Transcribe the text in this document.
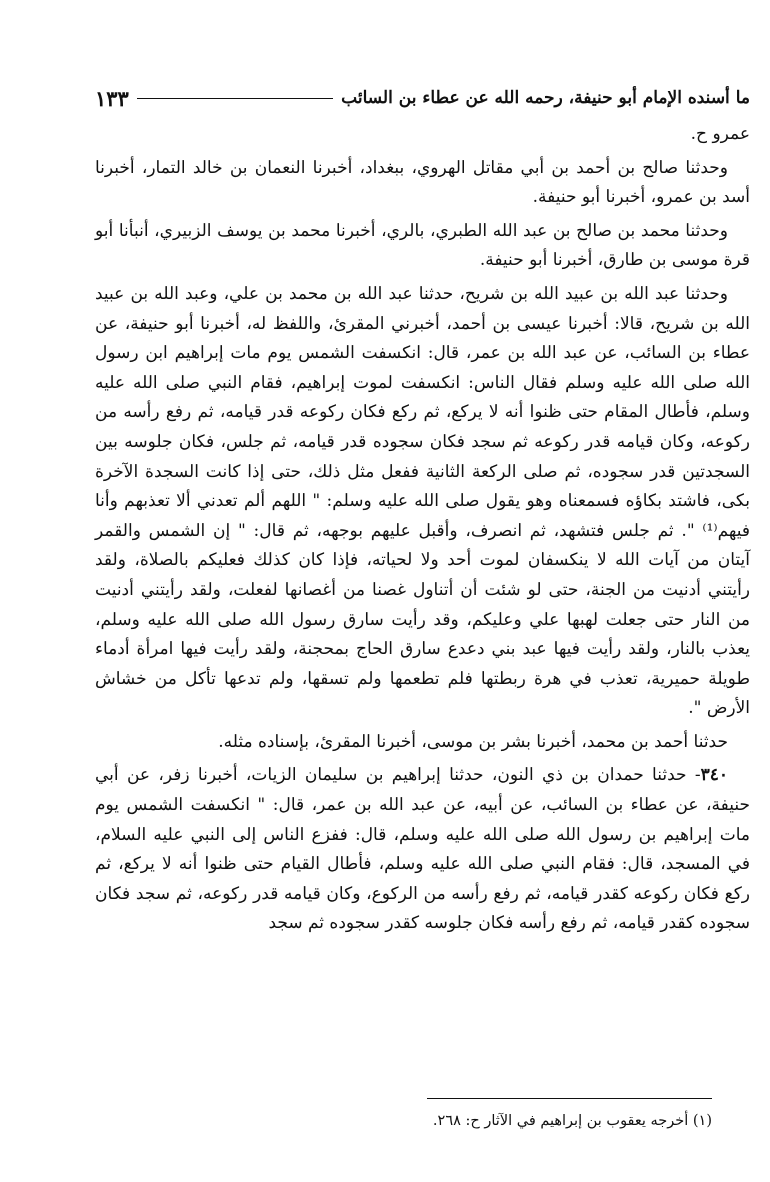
ما أسنده الإمام أبو حنيفة، رحمه الله عن عطاء بن السائب
١٣٣

عمرو ح.

وحدثنا صالح بن أحمد بن أبي مقاتل الهروي، ببغداد، أخبرنا النعمان بن خالد التمار، أخبرنا أسد بن عمرو، أخبرنا أبو حنيفة.

وحدثنا محمد بن صالح بن عبد الله الطبري، بالري، أخبرنا محمد بن يوسف الزبيري، أنبأنا أبو قرة موسى بن طارق، أخبرنا أبو حنيفة.

وحدثنا عبد الله بن عبيد الله بن شريح، حدثنا عبد الله بن محمد بن علي، وعبد الله بن عبيد الله بن شريح، قالا: أخبرنا عيسى بن أحمد، أخبرني المقرئ، واللفظ له، أخبرنا أبو حنيفة، عن عطاء بن السائب، عن عبد الله بن عمر، قال: انكسفت الشمس يوم مات إبراهيم ابن رسول الله صلى الله عليه وسلم فقال الناس: انكسفت لموت إبراهيم، فقام النبي صلى الله عليه وسلم، فأطال المقام حتى ظنوا أنه لا يركع، ثم ركع فكان ركوعه قدر قيامه، ثم رفع رأسه من ركوعه، وكان قيامه قدر ركوعه ثم سجد فكان سجوده قدر قيامه، ثم جلس، فكان جلوسه بين السجدتين قدر سجوده، ثم صلى الركعة الثانية ففعل مثل ذلك، حتى إذا كانت السجدة الآخرة بكى، فاشتد بكاؤه فسمعناه وهو يقول صلى الله عليه وسلم: " اللهم ألم تعدني ألا تعذبهم وأنا فيهم⁽¹⁾ ". ثم جلس فتشهد، ثم انصرف، وأقبل عليهم بوجهه، ثم قال: " إن الشمس والقمر آيتان من آيات الله لا ينكسفان لموت أحد ولا لحياته، فإذا كان كذلك فعليكم بالصلاة، ولقد رأيتني أدنيت من الجنة، حتى لو شئت أن أتناول غصنا من أغصانها لفعلت، ولقد رأيتني أدنيت من النار حتى جعلت لهبها علي وعليكم، وقد رأيت سارق رسول الله صلى الله عليه وسلم، يعذب بالنار، ولقد رأيت فيها عبد بني دعدع سارق الحاج بمحجنة، ولقد رأيت فيها امرأة أدماء طويلة حميرية، تعذب في هرة ربطتها فلم تطعمها ولم تسقها، ولم تدعها تأكل من خشاش الأرض ".

حدثنا أحمد بن محمد، أخبرنا بشر بن موسى، أخبرنا المقرئ، بإسناده مثله.

٣٤٠- حدثنا حمدان بن ذي النون، حدثنا إبراهيم بن سليمان الزيات، أخبرنا زفر، عن أبي حنيفة، عن عطاء بن السائب، عن أبيه، عن عبد الله بن عمر، قال: " انكسفت الشمس يوم مات إبراهيم بن رسول الله صلى الله عليه وسلم، قال: ففزع الناس إلى النبي عليه السلام، في المسجد، قال: فقام النبي صلى الله عليه وسلم، فأطال القيام حتى ظنوا أنه لا يركع، ثم ركع فكان ركوعه كقدر قيامه، ثم رفع رأسه من الركوع، وكان قيامه قدر ركوعه، ثم سجد فكان سجوده كقدر قيامه، ثم رفع رأسه فكان جلوسه كقدر سجوده ثم سجد

(١) أخرجه يعقوب بن إبراهيم في الآثار ح: ٢٦٨.
